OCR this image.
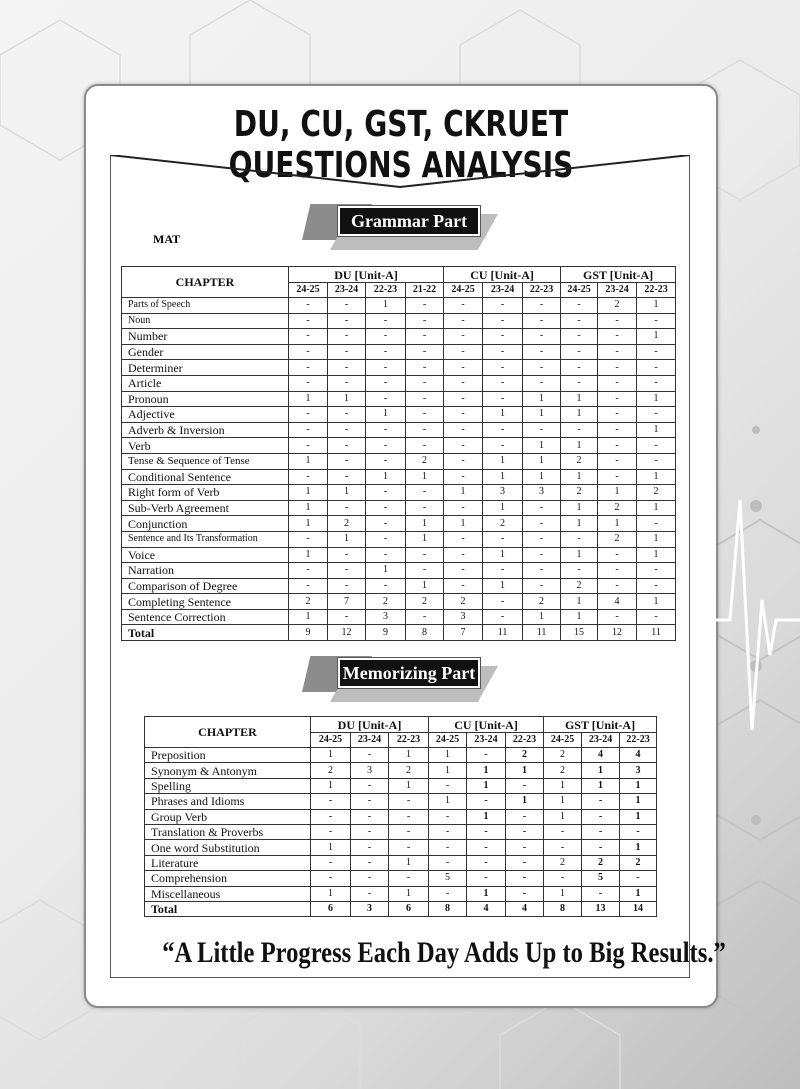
DU, CU, GST, CKRUET QUESTIONS ANALYSIS
Grammar Part
MAT
CHAPTER	DU [Unit-A]				CU [Unit-A]			GST [Unit-A]		
	24-25	23-24	22-23	21-22	24-25	23-24	22-23	24-25	23-24	22-23
Parts of Speech	-	-	1	-	-	-	-	-	2	1
Noun	-	-	-	-	-	-	-	-	-	-
Number	-	-	-	-	-	-	-	-	-	1
Gender	-	-	-	-	-	-	-	-	-	-
Determiner	-	-	-	-	-	-	-	-	-	-
Article	-	-	-	-	-	-	-	-	-	-
Pronoun	1	1	-	-	-	-	1	1	-	1
Adjective	-	-	1	-	-	1	1	1	-	-
Adverb & Inversion	-	-	-	-	-	-	-	-	-	1
Verb	-	-	-	-	-	-	1	1	-	-
Tense & Sequence of Tense	1	-	-	2	-	1	1	2	-	-
Conditional Sentence	-	-	1	1	-	1	1	1	-	1
Right form of Verb	1	1	-	-	1	3	3	2	1	2
Sub-Verb Agreement	1	-	-	-	-	1	-	1	2	1
Conjunction	1	2	-	1	1	2	-	1	1	-
Sentence and Its Transformation	-	1	-	1	-	-	-	-	2	1
Voice	1	-	-	-	-	1	-	1	-	1
Narration	-	-	1	-	-	-	-	-	-	-
Comparison of Degree	-	-	-	1	-	1	-	2	-	-
Completing Sentence	2	7	2	2	2	-	2	1	4	1
Sentence Correction	1	-	3	-	3	-	1	1	-	-
Total	9	12	9	8	7	11	11	15	12	11
Memorizing Part
CHAPTER	DU [Unit-A]			CU [Unit-A]			GST [Unit-A]		
	24-25	23-24	22-23	24-25	23-24	22-23	24-25	23-24	22-23
Preposition	1	-	1	1	-	2	2	4	4
Synonym & Antonym	2	3	2	1	1	1	2	1	3
Spelling	1	-	1	-	1	-	1	1	1
Phrases and Idioms	-	-	-	1	-	1	1	-	1
Group Verb	-	-	-	-	1	-	1	-	1
Translation & Proverbs	-	-	-	-	-	-	-	-	-
One word Substitution	1	-	-	-	-	-	-	-	1
Literature	-	-	1	-	-	-	2	2	2
Comprehension	-	-	-	5	-	-	-	5	-
Miscellaneous	1	-	1	-	1	-	1	-	1
Total	6	3	6	8	4	4	8	13	14
“A Little Progress Each Day Adds Up to Big Results.”
